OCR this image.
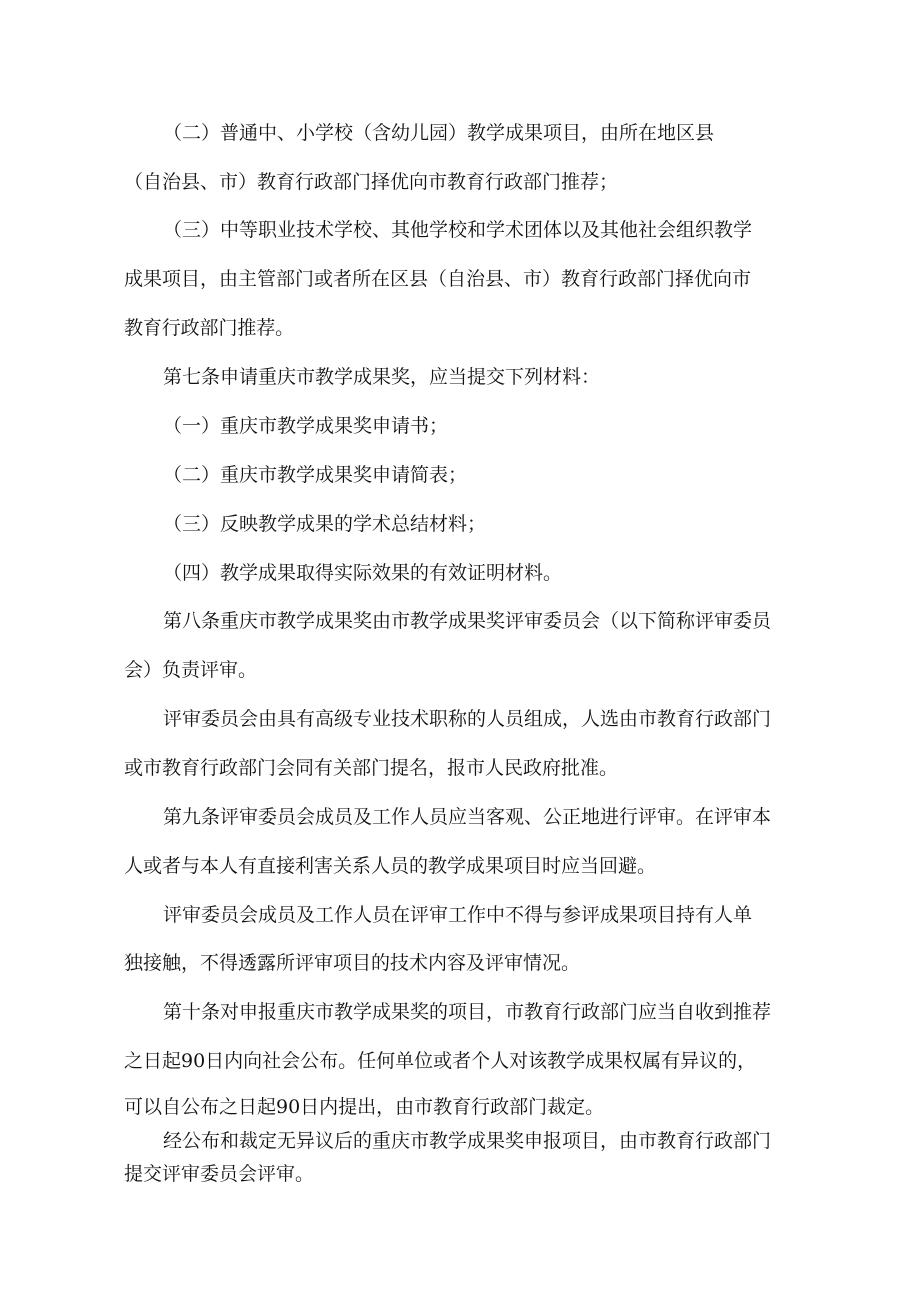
（二）普通中、小学校（含幼儿园）教学成果项目，由所在地区县
（自治县、市）教育行政部门择优向市教育行政部门推荐；
（三）中等职业技术学校、其他学校和学术团体以及其他社会组织教学
成果项目，由主管部门或者所在区县（自治县、市）教育行政部门择优向市
教育行政部门推荐。
第七条申请重庆市教学成果奖，应当提交下列材料：
（一）重庆市教学成果奖申请书；
（二）重庆市教学成果奖申请简表；
（三）反映教学成果的学术总结材料；
（四）教学成果取得实际效果的有效证明材料。
第八条重庆市教学成果奖由市教学成果奖评审委员会（以下简称评审委员
会）负责评审。
评审委员会由具有高级专业技术职称的人员组成，人选由市教育行政部门
或市教育行政部门会同有关部门提名，报市人民政府批准。
第九条评审委员会成员及工作人员应当客观、公正地进行评审。在评审本
人或者与本人有直接利害关系人员的教学成果项目时应当回避。
评审委员会成员及工作人员在评审工作中不得与参评成果项目持有人单
独接触，不得透露所评审项目的技术内容及评审情况。
第十条对申报重庆市教学成果奖的项目，市教育行政部门应当自收到推荐
之日起90日内向社会公布。任何单位或者个人对该教学成果权属有异议的，
可以自公布之日起90日内提出，由市教育行政部门裁定。
经公布和裁定无异议后的重庆市教学成果奖申报项目，由市教育行政部门
提交评审委员会评审。
